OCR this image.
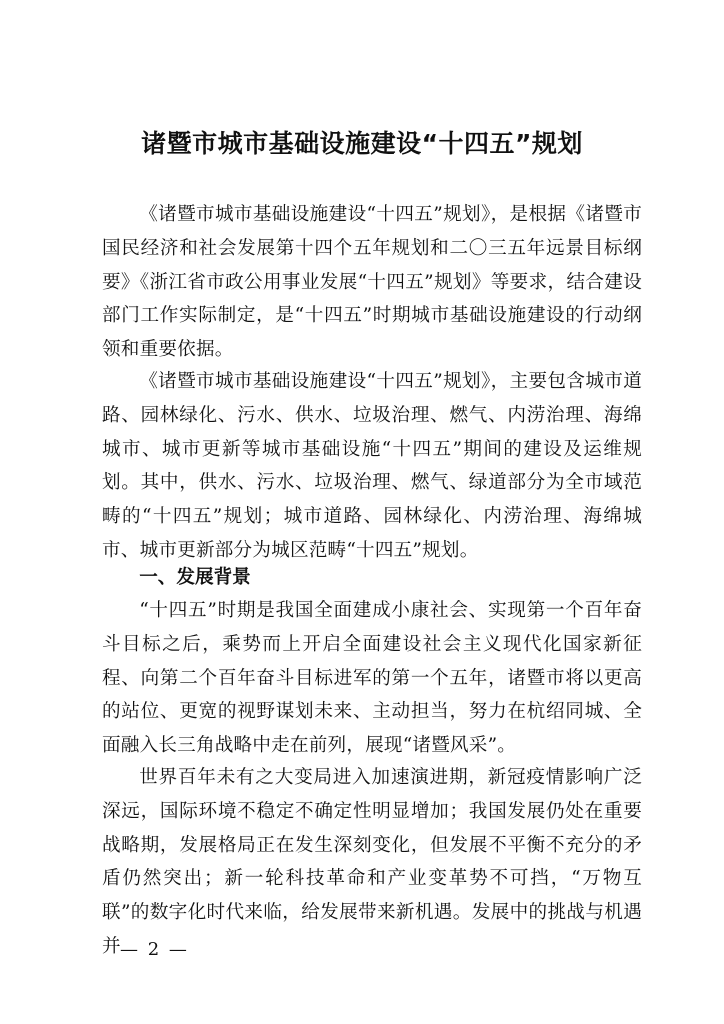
诸暨市城市基础设施建设“十四五”规划

《诸暨市城市基础设施建设“十四五”规划》，是根据《诸暨市国民经济和社会发展第十四个五年规划和二〇三五年远景目标纲要》《浙江省市政公用事业发展“十四五”规划》等要求，结合建设部门工作实际制定，是“十四五”时期城市基础设施建设的行动纲领和重要依据。

《诸暨市城市基础设施建设“十四五”规划》，主要包含城市道路、园林绿化、污水、供水、垃圾治理、燃气、内涝治理、海绵城市、城市更新等城市基础设施“十四五”期间的建设及运维规划。其中，供水、污水、垃圾治理、燃气、绿道部分为全市域范畴的“十四五”规划；城市道路、园林绿化、内涝治理、海绵城市、城市更新部分为城区范畴“十四五”规划。

一、发展背景

“十四五”时期是我国全面建成小康社会、实现第一个百年奋斗目标之后，乘势而上开启全面建设社会主义现代化国家新征程、向第二个百年奋斗目标进军的第一个五年，诸暨市将以更高的站位、更宽的视野谋划未来、主动担当，努力在杭绍同城、全面融入长三角战略中走在前列，展现“诸暨风采”。

世界百年未有之大变局进入加速演进期，新冠疫情影响广泛深远，国际环境不稳定不确定性明显增加；我国发展仍处在重要战略期，发展格局正在发生深刻变化，但发展不平衡不充分的矛盾仍然突出；新一轮科技革命和产业变革势不可挡，“万物互联”的数字化时代来临，给发展带来新机遇。发展中的挑战与机遇并 — 2 —
